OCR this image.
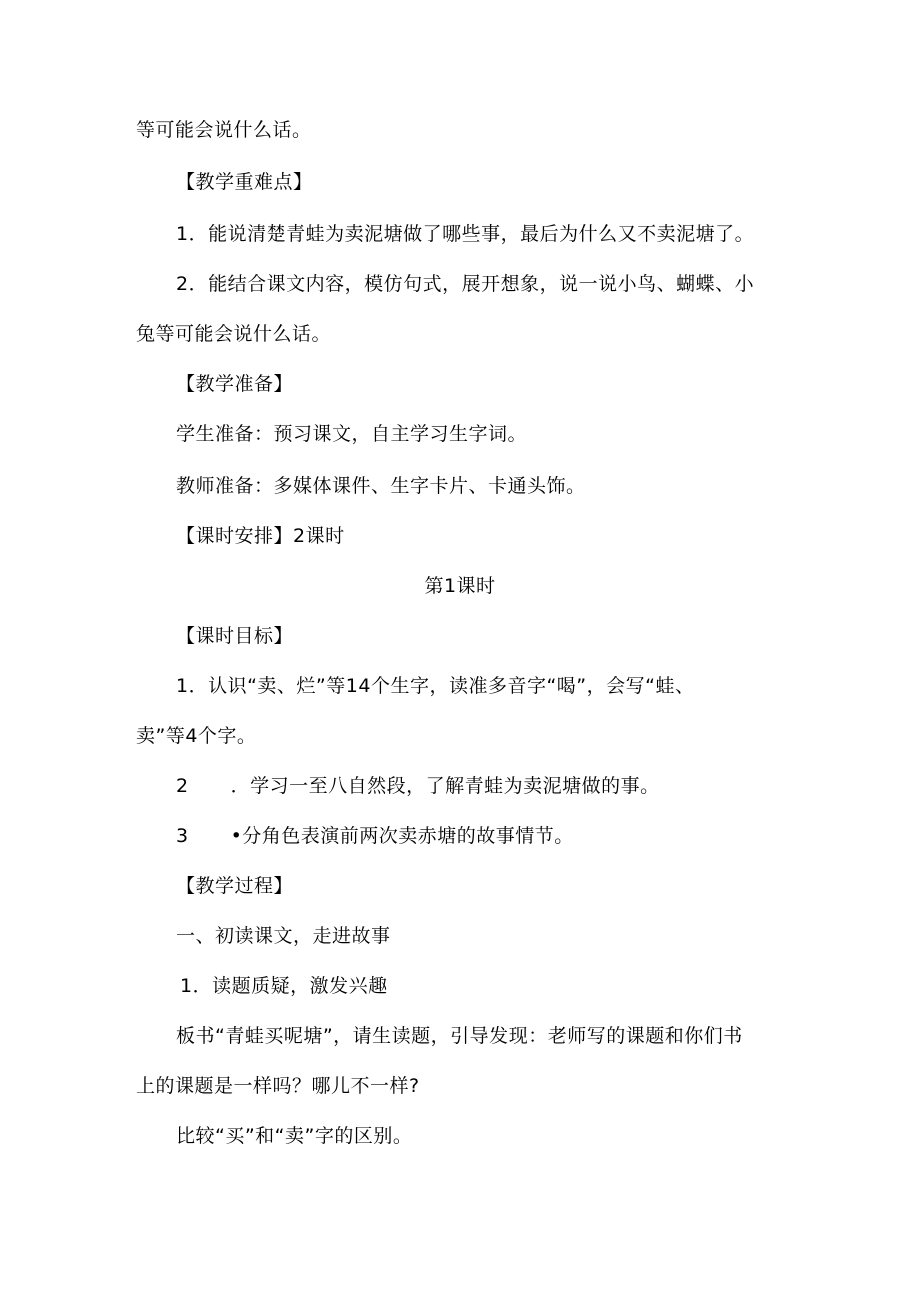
等可能会说什么话。
【教学重难点】
1．能说清楚青蛙为卖泥塘做了哪些事，最后为什么又不卖泥塘了。
2．能结合课文内容，模仿句式，展开想象，说一说小鸟、蝴蝶、小
兔等可能会说什么话。
【教学准备】
学生准备：预习课文，自主学习生字词。
教师准备：多媒体课件、生字卡片、卡通头饰。
【课时安排】2课时
第1课时
【课时目标】
1．认识“卖、烂”等14个生字，读准多音字“喝”，会写“蛙、
卖”等4个字。
2 ．学习一至八自然段，了解青蛙为卖泥塘做的事。
3 •分角色表演前两次卖赤塘的故事情节。
【教学过程】
一、初读课文，走进故事
1．读题质疑，激发兴趣
板书“青蛙买呢塘”，请生读题，引导发现：老师写的课题和你们书
上的课题是一样吗？哪儿不一样?
比较“买”和“卖”字的区别。
